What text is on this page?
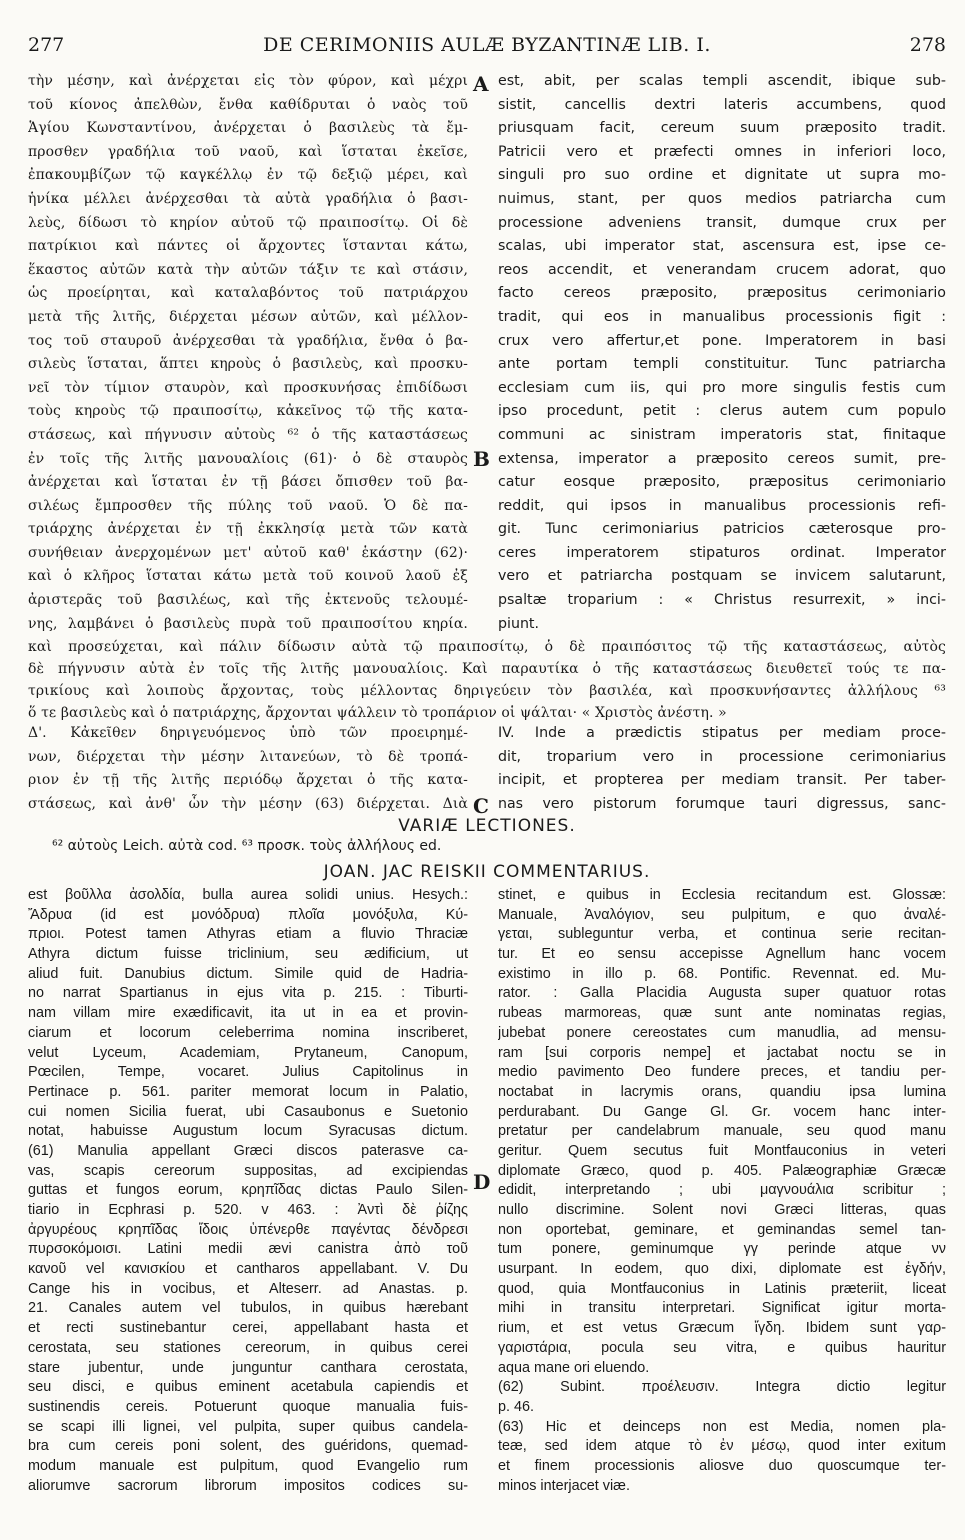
277	DE CERIMONIIS AULÆ BYZANTINÆ LIB. I.	278
A
B
C
D
τὴν μέσην, καὶ ἀνέρχεται εἰς τὸν φύρον, καὶ μέχρι
τοῦ κίονος ἀπελθὼν, ἔνθα καθίδρυται ὁ ναὸς τοῦ
Ἁγίου Κωνσταντίνου, ἀνέρχεται ὁ βασιλεὺς τὰ ἔμ-
προσθεν γραδήλια τοῦ ναοῦ, καὶ ἵσταται ἐκεῖσε,
ἐπακουμβίζων τῷ καγκέλλῳ ἐν τῷ δεξιῷ μέρει, καὶ
ἡνίκα μέλλει ἀνέρχεσθαι τὰ αὐτὰ γραδήλια ὁ βασι-
λεὺς, δίδωσι τὸ κηρίον αὐτοῦ τῷ πραιποσίτῳ. Οἱ δὲ
πατρίκιοι καὶ πάντες οἱ ἄρχοντες ἵστανται κάτω,
ἕκαστος αὐτῶν κατὰ τὴν αὐτῶν τάξιν τε καὶ στάσιν,
ὡς προείρηται, καὶ καταλαβόντος τοῦ πατριάρχου
μετὰ τῆς λιτῆς, διέρχεται μέσων αὐτῶν, καὶ μέλλον-
τος τοῦ σταυροῦ ἀνέρχεσθαι τὰ γραδήλια, ἔνθα ὁ βα-
σιλεὺς ἵσταται, ἅπτει κηροὺς ὁ βασιλεὺς, καὶ προσκυ-
νεῖ τὸν τίμιον σταυρὸν, καὶ προσκυνήσας ἐπιδίδωσι
τοὺς κηροὺς τῷ πραιποσίτῳ, κἀκεῖνος τῷ τῆς κατα-
στάσεως, καὶ πήγνυσιν αὐτοὺς ⁶² ὁ τῆς καταστάσεως
ἐν τοῖς τῆς λιτῆς μανουαλίοις (61)· ὁ δὲ σταυρὸς
ἀνέρχεται καὶ ἵσταται ἐν τῇ βάσει ὄπισθεν τοῦ βα-
σιλέως ἔμπροσθεν τῆς πύλης τοῦ ναοῦ. Ὁ δὲ πα-
τριάρχης ἀνέρχεται ἐν τῇ ἐκκλησίᾳ μετὰ τῶν κατὰ
συνήθειαν ἀνερχομένων μετ' αὐτοῦ καθ' ἑκάστην (62)·
καὶ ὁ κλῆρος ἵσταται κάτω μετὰ τοῦ κοινοῦ λαοῦ ἐξ
ἀριστερᾶς τοῦ βασιλέως, καὶ τῆς ἐκτενοῦς τελουμέ-
νης, λαμβάνει ὁ βασιλεὺς πυρὰ τοῦ πραιποσίτου κηρία.
est, abit, per scalas templi ascendit, ibique sub-
sistit, cancellis dextri lateris accumbens, quod
priusquam facit, cereum suum præposito tradit.
Patricii vero et præfecti omnes in inferiori loco,
singuli pro suo ordine et dignitate ut supra mo-
nuimus, stant, per quos medios patriarcha cum
processione adveniens transit, dumque crux per
scalas, ubi imperator stat, ascensura est, ipse ce-
reos accendit, et venerandam crucem adorat, quo
facto cereos præposito, præpositus cerimoniario
tradit, qui eos in manualibus processionis figit :
crux vero affertur,et pone. Imperatorem in basi
ante portam templi constituitur. Tunc patriarcha
ecclesiam cum iis, qui pro more singulis festis cum
ipso procedunt, petit : clerus autem cum populo
communi ac sinistram imperatoris stat, finitaque
extensa, imperator a præposito cereos sumit, pre-
catur eosque præposito, præpositus cerimoniario
reddit, qui ipsos in manualibus processionis refi-
git. Tunc cerimoniarius patricios cæterosque pro-
ceres imperatorem stipaturos ordinat. Imperator
vero et patriarcha postquam se invicem salutarunt,
psaltæ troparium : « Christus resurrexit, » inci-
piunt.
καὶ προσεύχεται, καὶ πάλιν δίδωσιν αὐτὰ τῷ πραιποσίτῳ, ὁ δὲ πραιπόσιτος τῷ τῆς καταστάσεως, αὐτὸς
δὲ πήγνυσιν αὐτὰ ἐν τοῖς τῆς λιτῆς μανουαλίοις. Καὶ παραυτίκα ὁ τῆς καταστάσεως διευθετεῖ τούς τε πα-
τρικίους καὶ λοιποὺς ἄρχοντας, τοὺς μέλλοντας δηριγεύειν τὸν βασιλέα, καὶ προσκυνήσαντες ἀλλήλους ⁶³
ὅ τε βασιλεὺς καὶ ὁ πατριάρχης, ἄρχονται ψάλλειν τὸ τροπάριον οἱ ψάλται· « Χριστὸς ἀνέστη. »
Δ'. Κἀκεῖθεν δηριγευόμενος ὑπὸ τῶν προειρημέ-
νων, διέρχεται τὴν μέσην λιτανεύων, τὸ δὲ τροπά-
ριον ἐν τῇ τῆς λιτῆς περιόδῳ ἄρχεται ὁ τῆς κατα-
στάσεως, καὶ ἀνθ' ὧν τὴν μέσην (63) διέρχεται. Διὰ
IV. Inde a prædictis stipatus per mediam proce-
dit, troparium vero in processione cerimoniarius
incipit, et propterea per mediam transit. Per taber-
nas vero pistorum forumque tauri digressus, sanc-
VARIÆ LECTIONES.
⁶² αὐτοὺς Leich. αὐτὰ cod. ⁶³ προσκ. τοὺς ἀλλήλους ed.
JOAN. JAC REISKII COMMENTARIUS.
est βοῦλλα ἀσολδία, bulla aurea solidi unius. Hesych.:
Ἄδρυα (id est μονόδρυα) πλοῖα μονόξυλα, Κύ-
πριοι. Potest tamen Athyras etiam a fluvio Thraciæ
Athyra dictum fuisse triclinium, seu ædificium, ut
aliud fuit. Danubius dictum. Simile quid de Hadria-
no narrat Spartianus in ejus vita p. 215. : Tiburti-
nam villam mire exædificavit, ita ut in ea et provin-
ciarum et locorum celeberrima nomina inscriberet,
velut Lyceum, Academiam, Prytaneum, Canopum,
Pœcilen, Tempe, vocaret. Julius Capitolinus in
Pertinace p. 561. pariter memorat locum in Palatio,
cui nomen Sicilia fuerat, ubi Casaubonus e Suetonio
notat, habuisse Augustum locum Syracusas dictum.
(61) Manulia appellant Græci discos paterasve ca-
vas, scapis cereorum suppositas, ad excipiendas
guttas et fungos eorum, κρηπῖδας dictas Paulo Silen-
tiario in Ecphrasi p. 520. v 463. : Ἀντὶ δὲ ῥίζης
ἀργυρέους κρηπῖδας ἴδοις ὑπένερθε παγέντας δένδρεσι
πυρσοκόμοισι. Latini medii ævi canistra ἀπὸ τοῦ
κανοῦ vel κανισκίου et cantharos appellabant. V. Du
Cange his in vocibus, et Alteserr. ad Anastas. p.
21. Canales autem vel tubulos, in quibus hærebant
et recti sustinebantur cerei, appellabant hasta et
cerostata, seu stationes cereorum, in quibus cerei
stare jubentur, unde junguntur canthara cerostata,
seu disci, e quibus eminent acetabula capiendis et
sustinendis cereis. Potuerunt quoque manualia fuis-
se scapi illi lignei, vel pulpita, super quibus candela-
bra cum cereis poni solent, des guéridons, quemad-
modum manuale est pulpitum, quod Evangelio rum
aliorumve sacrorum librorum impositos codices su-
stinet, e quibus in Ecclesia recitandum est. Glossæ:
Manuale, Ἀναλόγιον, seu pulpitum, e quo ἀναλέ-
γεται, subleguntur verba, et continua serie recitan-
tur. Et eo sensu accepisse Agnellum hanc vocem
existimo in illo p. 68. Pontific. Revennat. ed. Mu-
rator. : Galla Placidia Augusta super quatuor rotas
rubeas marmoreas, quæ sunt ante nominatas regias,
jubebat ponere cereostates cum manudlia, ad mensu-
ram [sui corporis nempe] et jactabat noctu se in
medio pavimento Deo fundere preces, et tandiu per-
noctabat in lacrymis orans, quandiu ipsa lumina
perdurabant. Du Gange Gl. Gr. vocem hanc inter-
pretatur per candelabrum manuale, seu quod manu
geritur. Quem secutus fuit Montfauconius in veteri
diplomate Græco, quod p. 405. Palæographiæ Græcæ
edidit, interpretando ; ubi μαγνουάλια scribitur ;
nullo discrimine. Solent novi Græci litteras, quas
non oportebat, geminare, et geminandas semel tan-
tum ponere, geminumque γγ perinde atque νν
usurpant. In eodem, quo dixi, diplomate est ἐγδήν,
quod, quia Montfauconius in Latinis præteriit, liceat
mihi in transitu interpretari. Significat igitur morta-
rium, et est vetus Græcum ἴγδη. Ibidem sunt γαρ-
γαριστάρια, pocula seu vitra, e quibus hauritur
aqua mane ori eluendo.
(62) Subint. προέλευσιν. Integra dictio legitur
p. 46.
(63) Hic et deinceps non est Media, nomen pla-
teæ, sed idem atque τὸ ἐν μέσῳ, quod inter exitum
et finem processionis aliosve duo quoscumque ter-
minos interjacet viæ.
